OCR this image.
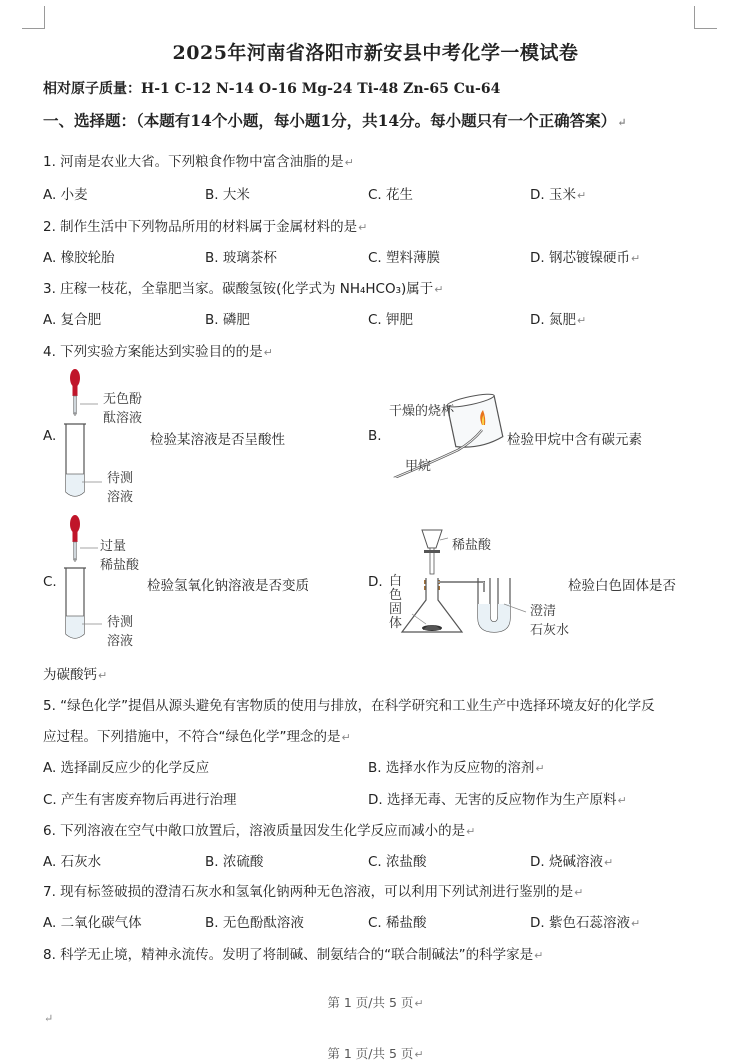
2025年河南省洛阳市新安县中考化学一模试卷
相对原子质量：H-1 C-12 N-14 O-16 Mg-24 Ti-48 Zn-65 Cu-64
一、选择题：（本题有14个小题，每小题1分，共14分。每小题只有一个正确答案）↵
1. 河南是农业大省。下列粮食作物中富含油脂的是↵
A. 小麦	B. 大米	C. 花生	D. 玉米↵
2. 制作生活中下列物品所用的材料属于金属材料的是↵
A. 橡胶轮胎	B. 玻璃茶杯	C. 塑料薄膜	D. 钢芯镀镍硬币↵
3. 庄稼一枝花，全靠肥当家。碳酸氢铵(化学式为 NH₄HCO₃)属于↵
A. 复合肥	B. 磷肥	C. 钾肥	D. 氮肥↵
4. 下列实验方案能达到实验目的的是↵
A.
无色酚
酞溶液
待测
溶液
检验某溶液是否呈酸性	B.
干燥的烧杯
甲烷
检验甲烷中含有碳元素
C.
过量
稀盐酸
待测
溶液
检验氢氧化钠溶液是否变质	D.
稀盐酸
白
色
固
体
澄清
石灰水
检验白色固体是否
为碳酸钙↵
5. “绿色化学”提倡从源头避免有害物质的使用与排放，在科学研究和工业生产中选择环境友好的化学反
应过程。下列措施中，不符合“绿色化学”理念的是↵
A. 选择副反应少的化学反应	B. 选择水作为反应物的溶剂↵
C. 产生有害废弃物后再进行治理	D. 选择无毒、无害的反应物作为生产原料↵
6. 下列溶液在空气中敞口放置后，溶液质量因发生化学反应而减小的是↵
A. 石灰水	B. 浓硫酸	C. 浓盐酸	D. 烧碱溶液↵
7. 现有标签破损的澄清石灰水和氢氧化钠两种无色溶液，可以利用下列试剂进行鉴别的是↵
A. 二氧化碳气体	B. 无色酚酞溶液	C. 稀盐酸	D. 紫色石蕊溶液↵
8. 科学无止境，精神永流传。发明了将制碱、制氨结合的“联合制碱法”的科学家是↵
第 1 页/共 5 页↵
↵
第 1 页/共 5 页↵
